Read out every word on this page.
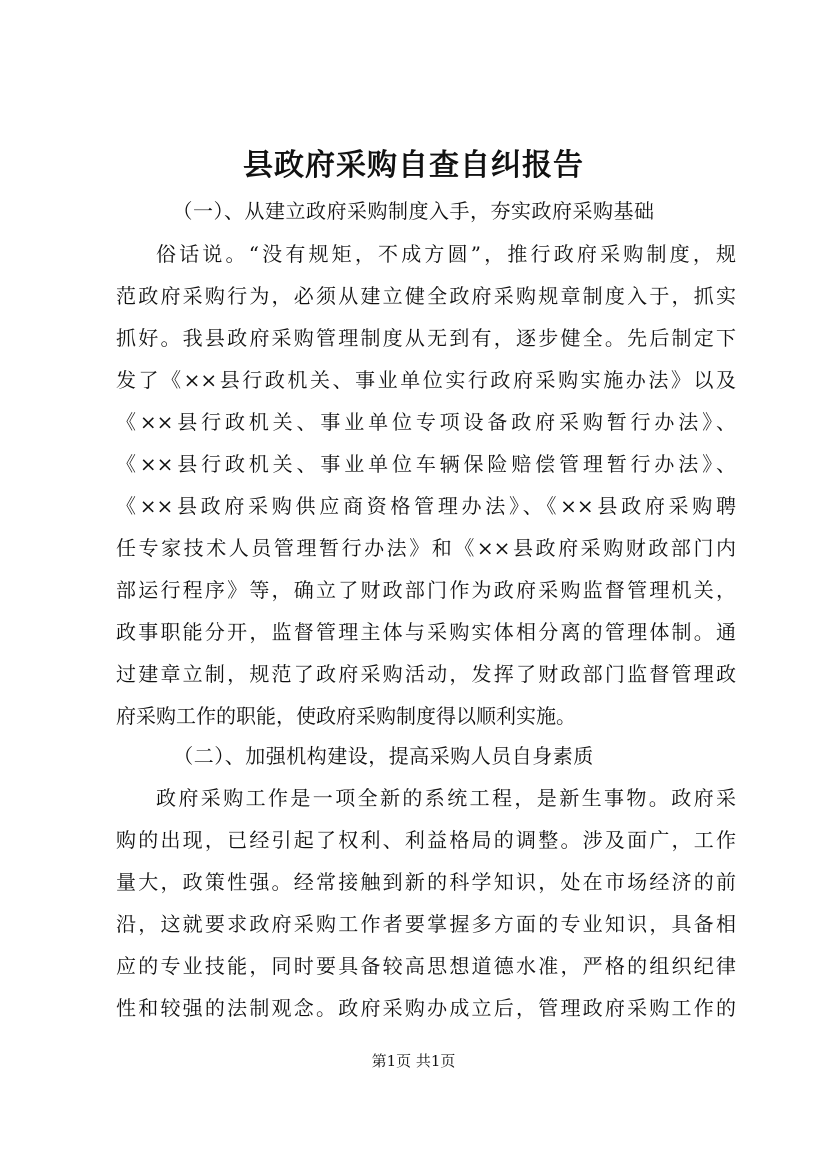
县政府采购自查自纠报告
（一）、从建立政府采购制度入手，夯实政府采购基础
俗话说。“没有规矩，不成方圆”，推行政府采购制度，规
范政府采购行为，必须从建立健全政府采购规章制度入于，抓实
抓好。我县政府采购管理制度从无到有，逐步健全。先后制定下
发了《××县行政机关、事业单位实行政府采购实施办法》以及
《××县行政机关、事业单位专项设备政府采购暂行办法》、
《××县行政机关、事业单位车辆保险赔偿管理暂行办法》、
《××县政府采购供应商资格管理办法》、《××县政府采购聘
任专家技术人员管理暂行办法》和《××县政府采购财政部门内
部运行程序》等，确立了财政部门作为政府采购监督管理机关，
政事职能分开，监督管理主体与采购实体相分离的管理体制。通
过建章立制，规范了政府采购活动，发挥了财政部门监督管理政
府采购工作的职能，使政府采购制度得以顺利实施。
（二）、加强机构建设，提高采购人员自身素质
政府采购工作是一项全新的系统工程，是新生事物。政府采
购的出现，已经引起了权利、利益格局的调整。涉及面广，工作
量大，政策性强。经常接触到新的科学知识，处在市场经济的前
沿，这就要求政府采购工作者要掌握多方面的专业知识，具备相
应的专业技能，同时要具备较高思想道德水准，严格的组织纪律
性和较强的法制观念。政府采购办成立后，管理政府采购工作的
第1页 共1页
